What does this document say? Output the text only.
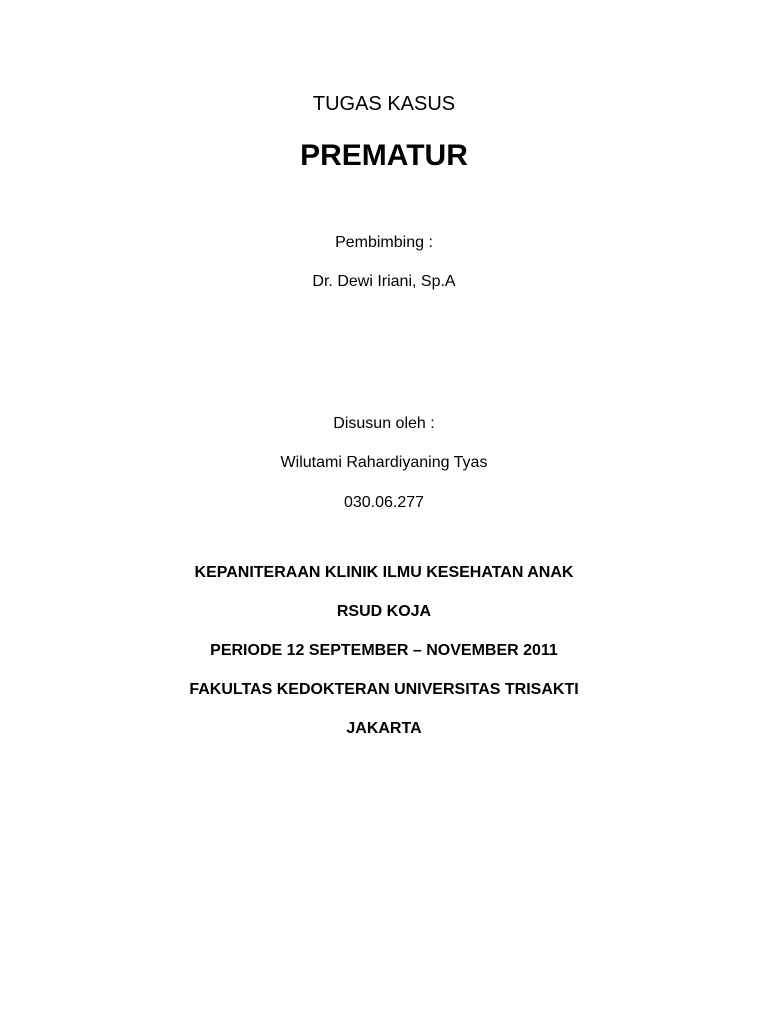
TUGAS KASUS
PREMATUR
Pembimbing :
Dr. Dewi Iriani, Sp.A
Disusun oleh :
Wilutami Rahardiyaning Tyas
030.06.277
KEPANITERAAN KLINIK ILMU KESEHATAN ANAK
RSUD KOJA
PERIODE 12 SEPTEMBER – NOVEMBER 2011
FAKULTAS KEDOKTERAN UNIVERSITAS TRISAKTI
JAKARTA
